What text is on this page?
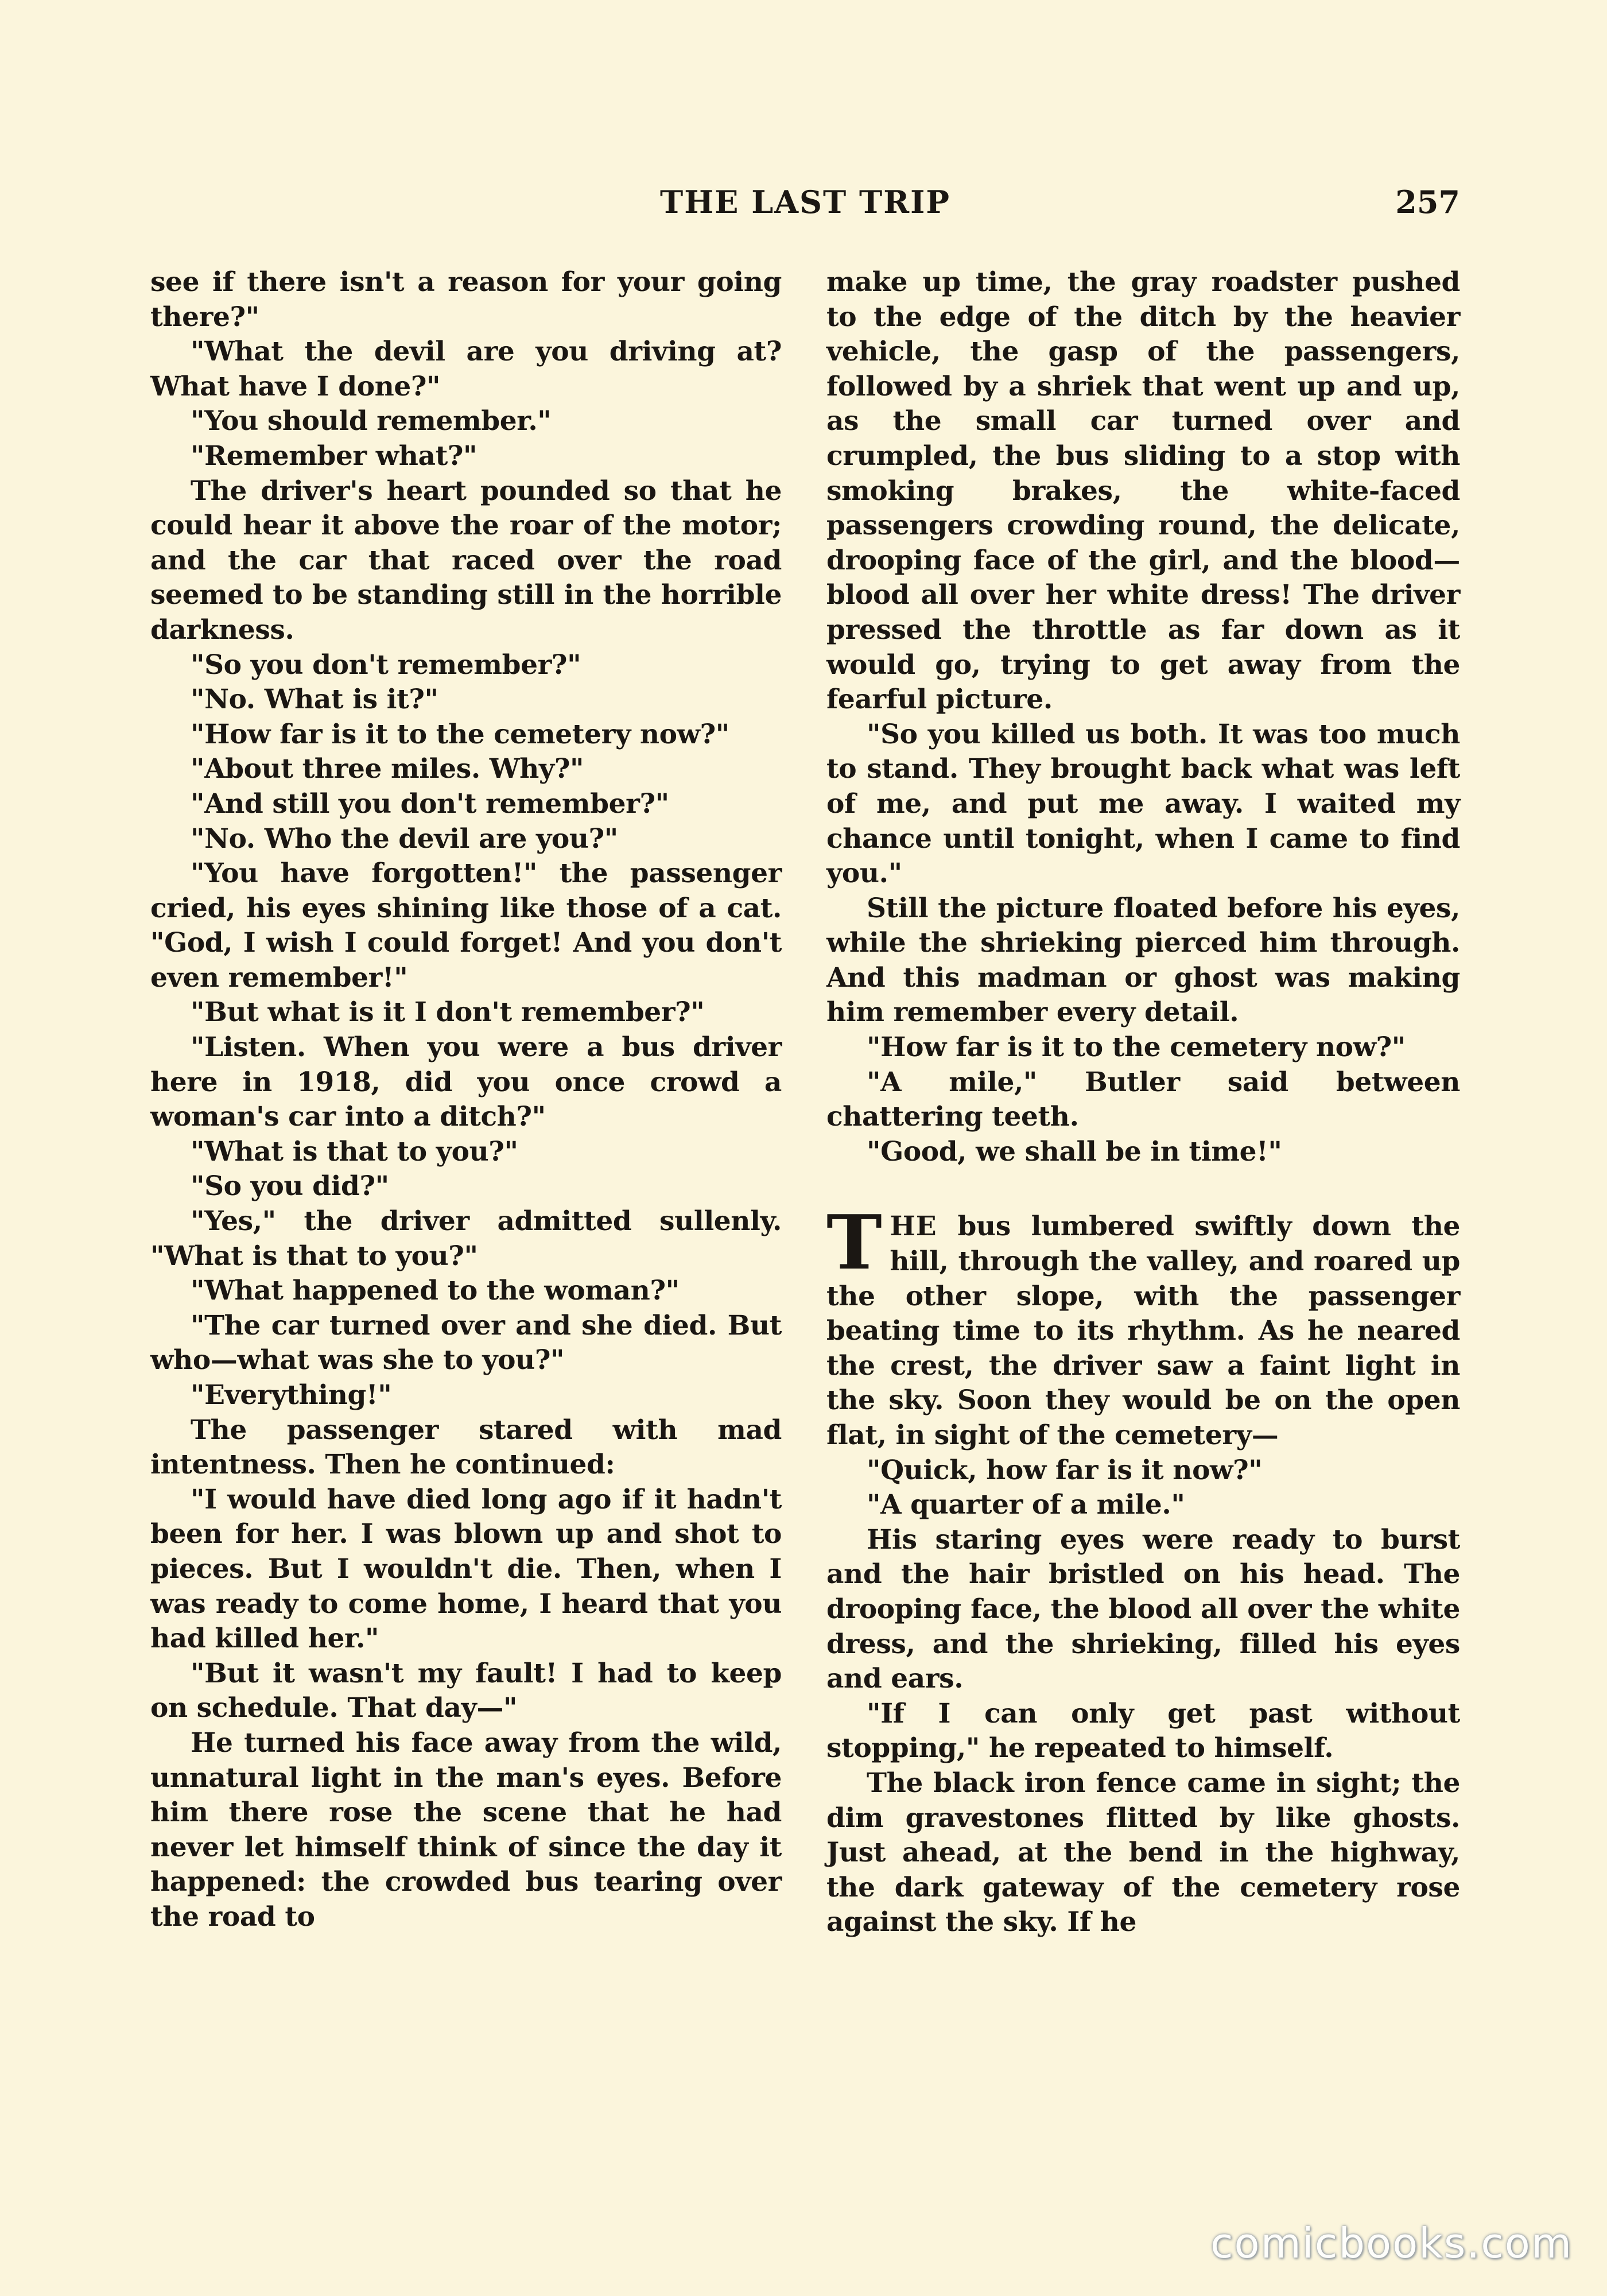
THE LAST TRIP	257

see if there isn't a reason for your going there?"

"What the devil are you driving at? What have I done?"

"You should remember."

"Remember what?"

The driver's heart pounded so that he could hear it above the roar of the motor; and the car that raced over the road seemed to be standing still in the horrible darkness.

"So you don't remember?"

"No. What is it?"

"How far is it to the cemetery now?"

"About three miles. Why?"

"And still you don't remember?"

"No. Who the devil are you?"

"You have forgotten!" the passenger cried, his eyes shining like those of a cat. "God, I wish I could forget! And you don't even remember!"

"But what is it I don't remember?"

"Listen. When you were a bus driver here in 1918, did you once crowd a woman's car into a ditch?"

"What is that to you?"

"So you did?"

"Yes," the driver admitted sullenly. "What is that to you?"

"What happened to the woman?"

"The car turned over and she died. But who—what was she to you?"

"Everything!"

The passenger stared with mad intentness. Then he continued:

"I would have died long ago if it hadn't been for her. I was blown up and shot to pieces. But I wouldn't die. Then, when I was ready to come home, I heard that you had killed her."

"But it wasn't my fault! I had to keep on schedule. That day—"

He turned his face away from the wild, unnatural light in the man's eyes. Before him there rose the scene that he had never let himself think of since the day it happened: the crowded bus tearing over the road to

make up time, the gray roadster pushed to the edge of the ditch by the heavier vehicle, the gasp of the passengers, followed by a shriek that went up and up, as the small car turned over and crumpled, the bus sliding to a stop with smoking brakes, the white-faced passengers crowding round, the delicate, drooping face of the girl, and the blood—blood all over her white dress! The driver pressed the throttle as far down as it would go, trying to get away from the fearful picture.

"So you killed us both. It was too much to stand. They brought back what was left of me, and put me away. I waited my chance until tonight, when I came to find you."

Still the picture floated before his eyes, while the shrieking pierced him through. And this madman or ghost was making him remember every detail.

"How far is it to the cemetery now?"

"A mile," Butler said between chattering teeth.

"Good, we shall be in time!"

THE bus lumbered swiftly down the hill, through the valley, and roared up the other slope, with the passenger beating time to its rhythm. As he neared the crest, the driver saw a faint light in the sky. Soon they would be on the open flat, in sight of the cemetery—

"Quick, how far is it now?"

"A quarter of a mile."

His staring eyes were ready to burst and the hair bristled on his head. The drooping face, the blood all over the white dress, and the shrieking, filled his eyes and ears.

"If I can only get past without stopping," he repeated to himself.

The black iron fence came in sight; the dim gravestones flitted by like ghosts. Just ahead, at the bend in the highway, the dark gateway of the cemetery rose against the sky. If he

comicbooks.com
